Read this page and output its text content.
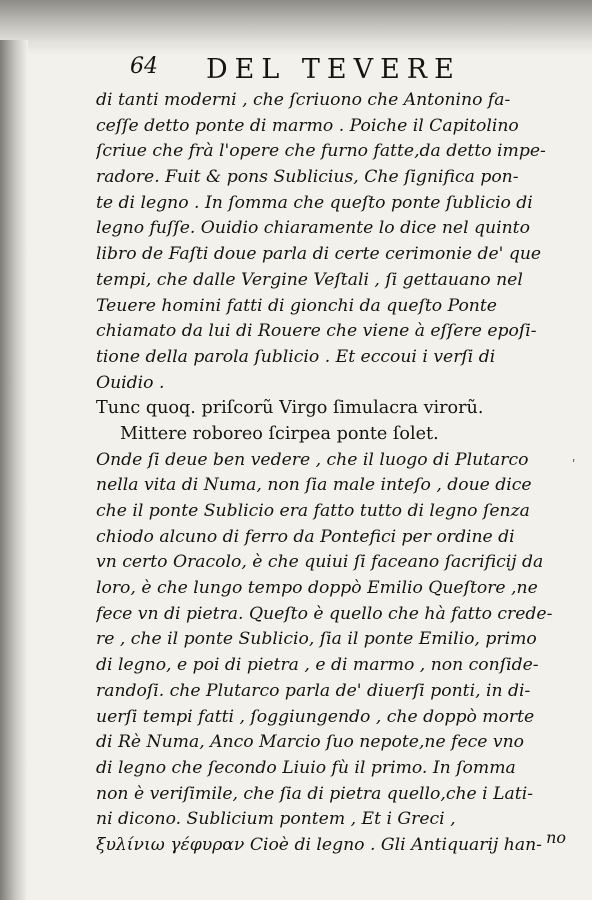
64 DEL TEVERE
di tanti moderni , che ſcriuono che Antonino fa-
ceſſe detto ponte di marmo . Poiche il Capitolino
ſcriue che frà l'opere che furno fatte,da detto impe-
radore. Fuit & pons Sublicius, Che ſignifica pon-
te di legno . In ſomma che queſto ponte ſublicio di
legno fuſſe. Ouidio chiaramente lo dice nel quinto
libro de Faſti doue parla di certe cerimonie de' que
tempi, che dalle Vergine Veſtali , ſi gettauano nel
Teuere homini fatti di gionchi da queſto Ponte
chiamato da lui di Rouere che viene à eſſere epoſi-
tione della parola ſublicio . Et eccoui i verſi di
Ouidio .
Tunc quoq. priſcorũ Virgo ſimulacra virorũ.
Mittere roboreo ſcirpea ponte ſolet.
Onde ſi deue ben vedere , che il luogo di Plutarco
nella vita di Numa, non ſia male inteſo , doue dice
che il ponte Sublicio era fatto tutto di legno ſenza
chiodo alcuno di ferro da Pontefici per ordine di
vn certo Oracolo, è che quiui ſi faceano ſacrificij da
loro, è che lungo tempo doppò Emilio Queſtore ,ne
fece vn di pietra. Queſto è quello che hà fatto crede-
re , che il ponte Sublicio, ſia il ponte Emilio, primo
di legno, e poi di pietra , e di marmo , non conſide-
randoſi. che Plutarco parla de' diuerſi ponti, in di-
uerſi tempi fatti , ſoggiungendo , che doppò morte
di Rè Numa, Anco Marcio ſuo nepote,ne fece vno
di legno che ſecondo Liuio fù il primo. In ſomma
non è veriſimile, che ſia di pietra quello,che i Lati-
ni dicono. Sublicium pontem , Et i Greci ,
ξυλίνιω γέφυραν Cioè di legno . Gli Antiquarij han- no
ʹ
